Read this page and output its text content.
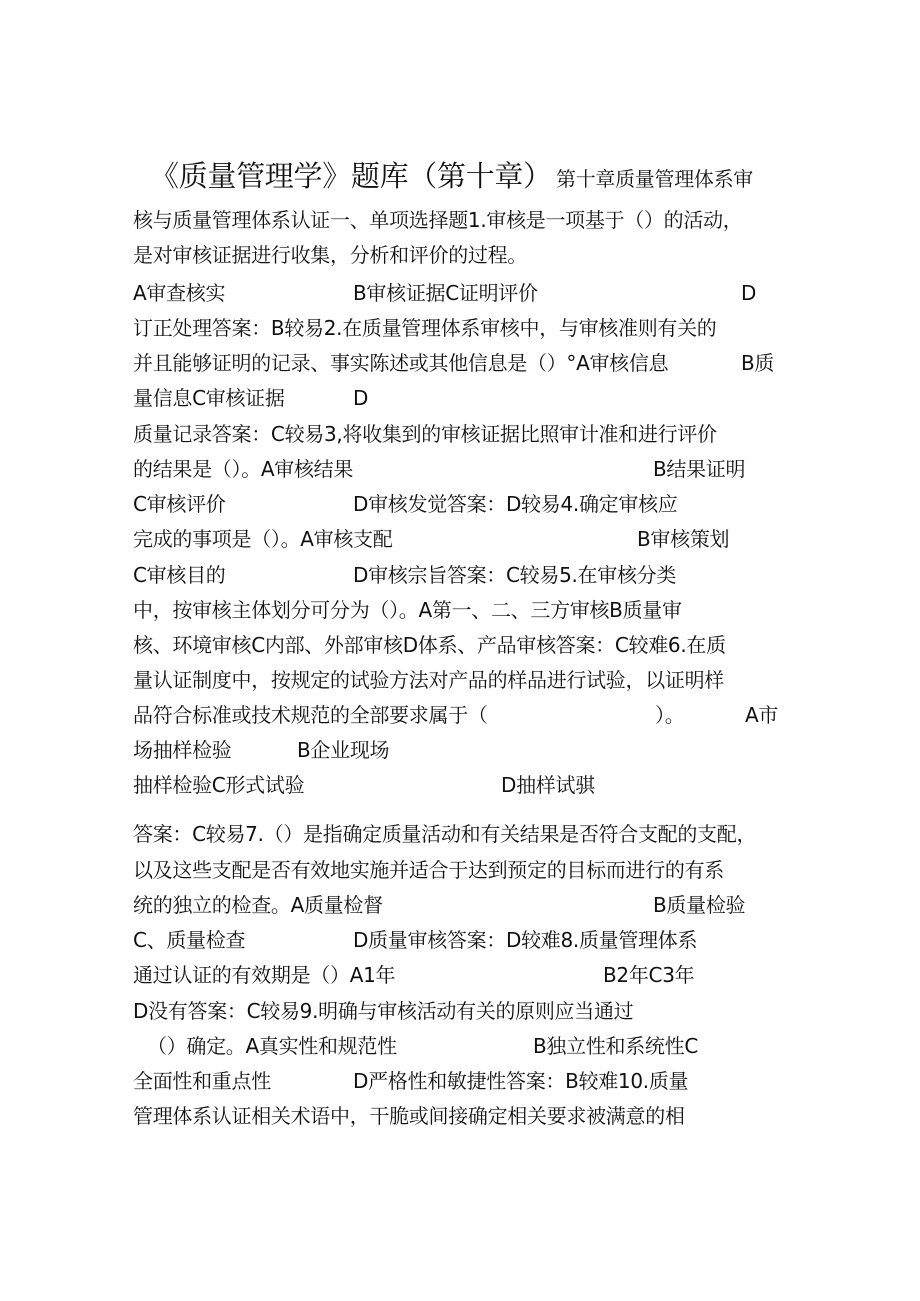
《质量管理学》题库（第十章） 第十章质量管理体系审
核与质量管理体系认证一、单项选择题1.审核是一项基于（）的活动，
是对审核证据进行收集，分析和评价的过程。
A审查核实	B审核证据C证明评价	D
订正处理答案：B较易2.在质量管理体系审核中，与审核准则有关的
并且能够证明的记录、事实陈述或其他信息是（）°A审核信息	B质
量信息C审核证据	D
质量记录答案：C较易3,将收集到的审核证据比照审计准和进行评价
的结果是（）。A审核结果	B结果证明
C审核评价	D审核发觉答案：D较易4.确定审核应
完成的事项是（）。A审核支配	B审核策划
C审核目的	D审核宗旨答案：C较易5.在审核分类
中，按审核主体划分可分为（）。A第一、二、三方审核B质量审
核、环境审核C内部、外部审核D体系、产品审核答案：C较难6.在质
量认证制度中，按规定的试验方法对产品的样品进行试验，以证明样
品符合标准或技术规范的全部要求属于（	）。	A市
场抽样检验	B企业现场
抽样检验C形式试验	D抽样试骐
答案：C较易7.（）是指确定质量活动和有关结果是否符合支配的支配，
以及这些支配是否有效地实施并适合于达到预定的目标而进行的有系
统的独立的检查。A质量检督	B质量检验
C、质量检查	D质量审核答案：D较难8.质量管理体系
通过认证的有效期是（）A1年	B2年C3年
D没有答案：C较易9.明确与审核活动有关的原则应当通过
（）确定。A真实性和规范性	B独立性和系统性C
全面性和重点性	D严格性和敏捷性答案：B较难10.质量
管理体系认证相关术语中，干脆或间接确定相关要求被满意的相
